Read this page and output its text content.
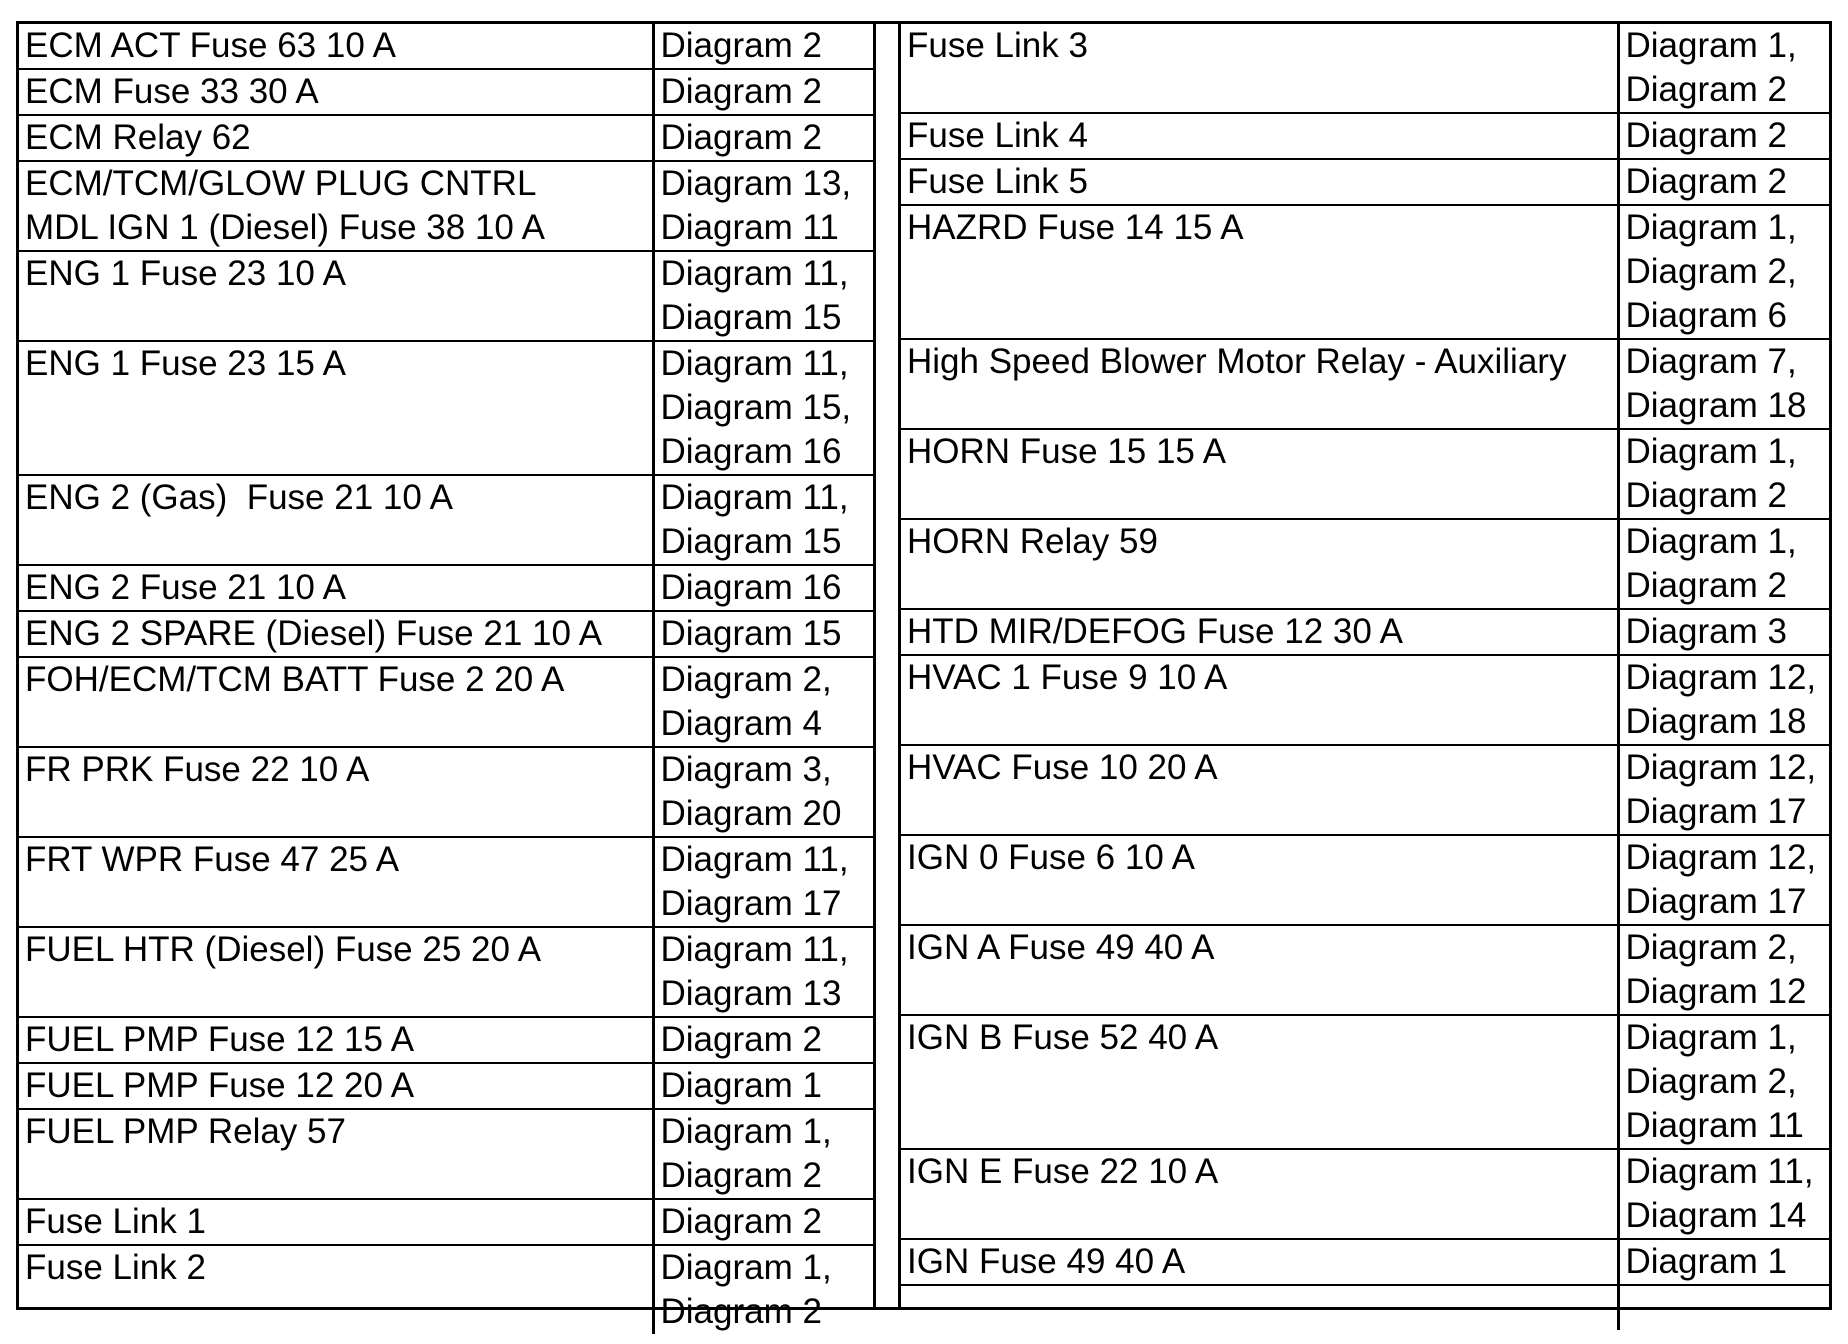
ECM ACT Fuse 63 10 A	Diagram 2
ECM Fuse 33 30 A	Diagram 2
ECM Relay 62	Diagram 2
ECM/TCM/GLOW PLUG CNTRL
MDL IGN 1 (Diesel) Fuse 38 10 A	Diagram 13,
Diagram 11
ENG 1 Fuse 23 10 A	Diagram 11,
Diagram 15
ENG 1 Fuse 23 15 A	Diagram 11,
Diagram 15,
Diagram 16
ENG 2 (Gas)  Fuse 21 10 A	Diagram 11,
Diagram 15
ENG 2 Fuse 21 10 A	Diagram 16
ENG 2 SPARE (Diesel) Fuse 21 10 A	Diagram 15
FOH/ECM/TCM BATT Fuse 2 20 A	Diagram 2,
Diagram 4
FR PRK Fuse 22 10 A	Diagram 3,
Diagram 20
FRT WPR Fuse 47 25 A	Diagram 11,
Diagram 17
FUEL HTR (Diesel) Fuse 25 20 A	Diagram 11,
Diagram 13
FUEL PMP Fuse 12 15 A	Diagram 2
FUEL PMP Fuse 12 20 A	Diagram 1
FUEL PMP Relay 57	Diagram 1,
Diagram 2
Fuse Link 1	Diagram 2
Fuse Link 2	Diagram 1,
Diagram 2
Fuse Link 3	Diagram 1,
Diagram 2
Fuse Link 4	Diagram 2
Fuse Link 5	Diagram 2
HAZRD Fuse 14 15 A	Diagram 1,
Diagram 2,
Diagram 6
High Speed Blower Motor Relay - Auxiliary	Diagram 7,
Diagram 18
HORN Fuse 15 15 A	Diagram 1,
Diagram 2
HORN Relay 59	Diagram 1,
Diagram 2
HTD MIR/DEFOG Fuse 12 30 A	Diagram 3
HVAC 1 Fuse 9 10 A	Diagram 12,
Diagram 18
HVAC Fuse 10 20 A	Diagram 12,
Diagram 17
IGN 0 Fuse 6 10 A	Diagram 12,
Diagram 17
IGN A Fuse 49 40 A	Diagram 2,
Diagram 12
IGN B Fuse 52 40 A	Diagram 1,
Diagram 2,
Diagram 11
IGN E Fuse 22 10 A	Diagram 11,
Diagram 14
IGN Fuse 49 40 A	Diagram 1
